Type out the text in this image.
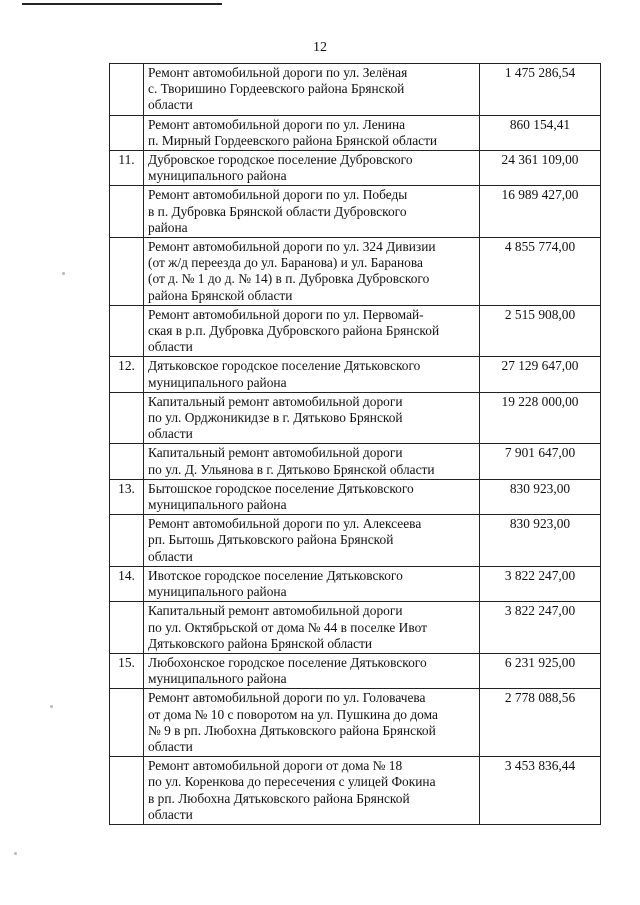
12

	Ремонт автомобильной дороги по ул. Зелёная
с. Творишино Гордеевского района Брянской
области	1 475 286,54

	Ремонт автомобильной дороги по ул. Ленина
п. Мирный Гордеевского района Брянской области	860 154,41
11.	Дубровское городское поселение Дубровского
муниципального района	24 361 109,00

	Ремонт автомобильной дороги по ул. Победы
в п. Дубровка Брянской области Дубровского
района	16 989 427,00

	Ремонт автомобильной дороги по ул. 324 Дивизии
(от ж/д переезда до ул. Баранова) и ул. Баранова
(от д. № 1 до д. № 14) в п. Дубровка Дубровского
района Брянской области	4 855 774,00

	Ремонт автомобильной дороги по ул. Первомай-
ская в р.п. Дубровка Дубровского района Брянской
области	2 515 908,00
12.	Дятьковское городское поселение Дятьковского
муниципального района	27 129 647,00

	Капитальный ремонт автомобильной дороги
по ул. Орджоникидзе в г. Дятьково Брянской
области	19 228 000,00

	Капитальный ремонт автомобильной дороги
по ул. Д. Ульянова в г. Дятьково Брянской области	7 901 647,00
13.	Бытошское городское поселение Дятьковского
муниципального района	830 923,00

	Ремонт автомобильной дороги по ул. Алексеева
рп. Бытошь Дятьковского района Брянской
области	830 923,00
14.	Ивотское городское поселение Дятьковского
муниципального района	3 822 247,00

	Капитальный ремонт автомобильной дороги
по ул. Октябрьской от дома № 44 в поселке Ивот
Дятьковского района Брянской области	3 822 247,00
15.	Любохонское городское поселение Дятьковского
муниципального района	6 231 925,00

	Ремонт автомобильной дороги по ул. Головачева
от дома № 10 с поворотом на ул. Пушкина до дома
№ 9 в рп. Любохна Дятьковского района Брянской
области	2 778 088,56

	Ремонт автомобильной дороги от дома № 18
по ул. Коренкова до пересечения с улицей Фокина
в рп. Любохна Дятьковского района Брянской
области	3 453 836,44
